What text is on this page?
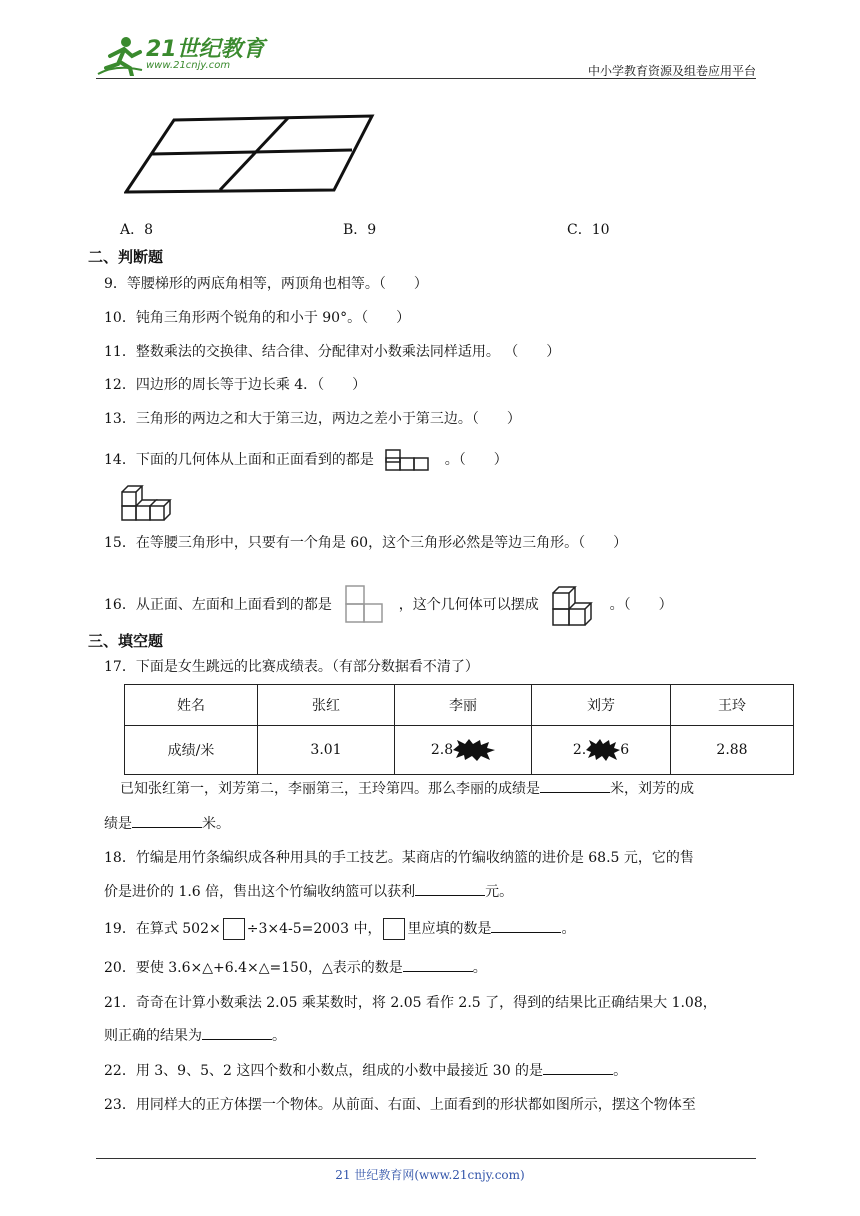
21世纪教育
www.21cnjy.com	中小学教育资源及组卷应用平台
A．8	B．9	C．10
二、判断题
9．等腰梯形的两底角相等，两顶角也相等。（　　）
10．钝角三角形两个锐角的和小于 90°。（　　）
11．整数乘法的交换律、结合律、分配律对小数乘法同样适用。 （　　）
12．四边形的周长等于边长乘 4．（　　）
13．三角形的两边之和大于第三边，两边之差小于第三边。（　　）
14．下面的几何体从上面和正面看到的都是	。（　　）
15．在等腰三角形中，只要有一个角是 60，这个三角形必然是等边三角形。（　　）
16．从正面、左面和上面看到的都是	，这个几何体可以摆成	。（　　）
三、填空题
17．下面是女生跳远的比赛成绩表。（有部分数据看不清了）
姓名	张红	李丽	刘芳	王玲
成绩/米	3.01	2.8	2. 6	2.88
已知张红第一，刘芳第二，李丽第三，王玲第四。那么李丽的成绩是	米，刘芳的成
绩是	米。
18．竹编是用竹条编织成各种用具的手工技艺。某商店的竹编收纳篮的进价是 68.5 元，它的售
价是进价的 1.6 倍，售出这个竹编收纳篮可以获利	元。
19．在算式 502× ÷3×4-5=2003 中， 里应填的数是	。
20．要使 3.6×△+6.4×△=150，△表示的数是	。
21．奇奇在计算小数乘法 2.05 乘某数时，将 2.05 看作 2.5 了，得到的结果比正确结果大 1.08，
则正确的结果为	。
22．用 3、9、5、2 这四个数和小数点，组成的小数中最接近 30 的是	。
23．用同样大的正方体摆一个物体。从前面、右面、上面看到的形状都如图所示，摆这个物体至
21 世纪教育网(www.21cnjy.com)
